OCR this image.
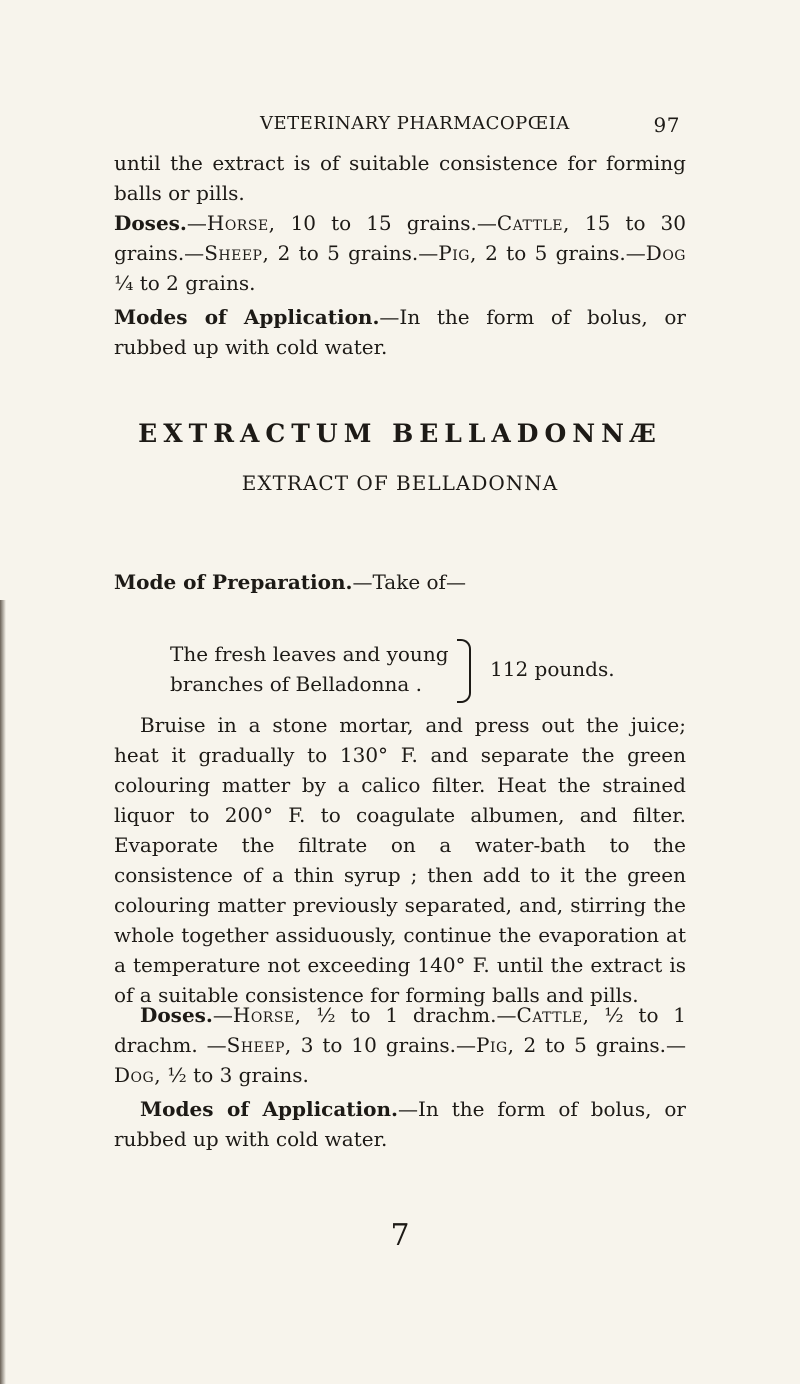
VETERINARY PHARMACOPŒIA	97

until the extract is of suitable consistence for forming balls or pills.

Doses.—Horse, 10 to 15 grains.—Cattle, 15 to 30 grains.—Sheep, 2 to 5 grains.—Pig, 2 to 5 grains.—Dog ¼ to 2 grains.

Modes of Application.—In the form of bolus, or rubbed up with cold water.

EXTRACTUM BELLADONNÆ
EXTRACT OF BELLADONNA

Mode of Preparation.—Take of—

The fresh leaves and young
branches of Belladonna .
112 pounds.

Bruise in a stone mortar, and press out the juice; heat it gradually to 130° F. and separate the green colouring matter by a calico filter. Heat the strained liquor to 200° F. to coagulate albumen, and filter. Evaporate the filtrate on a water-bath to the consistence of a thin syrup ; then add to it the green colouring matter previously separated, and, stirring the whole together assiduously, continue the evaporation at a temperature not exceeding 140° F. until the extract is of a suitable consistence for forming balls and pills.

Doses.—Horse, ½ to 1 drachm.—Cattle, ½ to 1 drachm. —Sheep, 3 to 10 grains.—Pig, 2 to 5 grains.—Dog, ½ to 3 grains.

Modes of Application.—In the form of bolus, or rubbed up with cold water.

7
